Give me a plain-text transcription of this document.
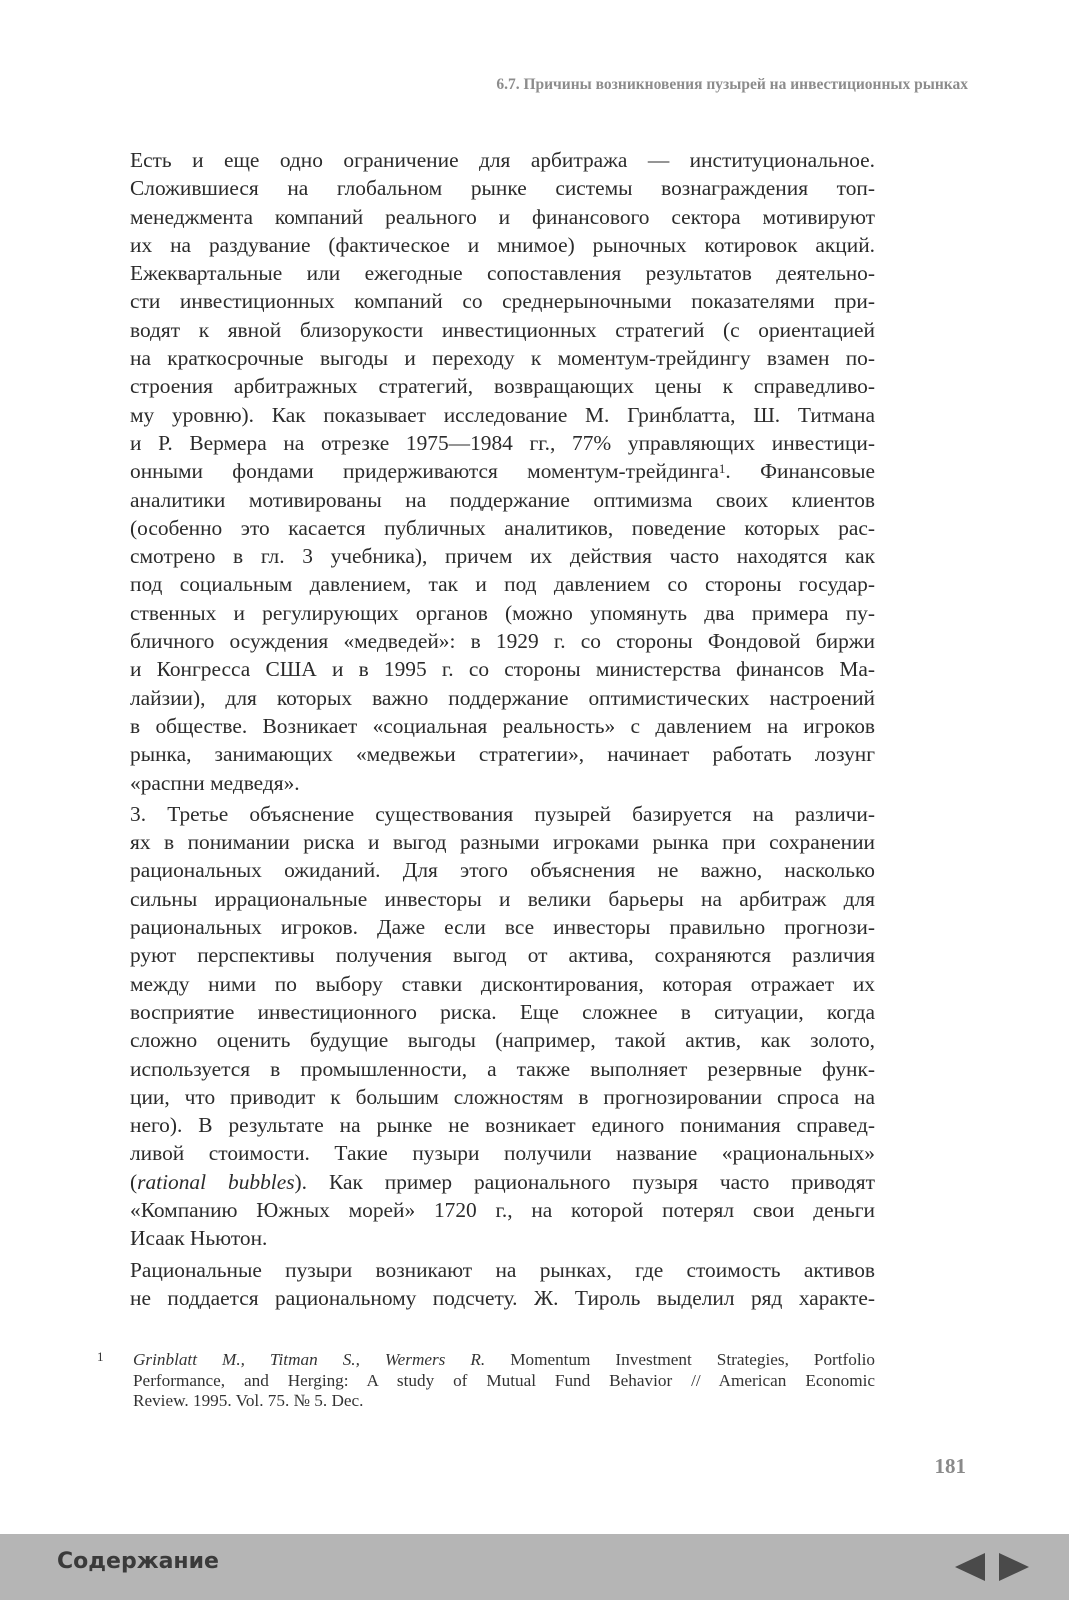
6.7. Причины возникновения пузырей на инвестиционных рынках

Есть и еще одно ограничение для арбитража — институциональное.
Сложившиеся на глобальном рынке системы вознаграждения топ-
менеджмента компаний реального и финансового сектора мотивируют
их на раздувание (фактическое и мнимое) рыночных котировок акций.
Ежеквартальные или ежегодные сопоставления результатов деятельно-
сти инвестиционных компаний со среднерыночными показателями при-
водят к явной близорукости инвестиционных стратегий (с ориентацией
на краткосрочные выгоды и переходу к моментум-трейдингу взамен по-
строения арбитражных стратегий, возвращающих цены к справедливо-
му уровню). Как показывает исследование М. Гринблатта, Ш. Титмана
и Р. Вермера на отрезке 1975—1984 гг., 77% управляющих инвестици-
онными фондами придерживаются моментум-трейдинга$^1$. Финансовые
аналитики мотивированы на поддержание оптимизма своих клиентов
(особенно это касается публичных аналитиков, поведение которых рас-
смотрено в гл. 3 учебника), причем их действия часто находятся как
под социальным давлением, так и под давлением со стороны государ-
ственных и регулирующих органов (можно упомянуть два примера пу-
бличного осуждения «медведей»: в 1929 г. со стороны Фондовой биржи
и Конгресса США и в 1995 г. со стороны министерства финансов Ма-
лайзии), для которых важно поддержание оптимистических настроений
в обществе. Возникает «социальная реальность» с давлением на игроков
рынка, занимающих «медвежьи стратегии», начинает работать лозунг
«распни медведя».

3. Третье объяснение существования пузырей базируется на различи-
ях в понимании риска и выгод разными игроками рынка при сохранении
рациональных ожиданий. Для этого объяснения не важно, насколько
сильны иррациональные инвесторы и велики барьеры на арбитраж для
рациональных игроков. Даже если все инвесторы правильно прогнози-
руют перспективы получения выгод от актива, сохраняются различия
между ними по выбору ставки дисконтирования, которая отражает их
восприятие инвестиционного риска. Еще сложнее в ситуации, когда
сложно оценить будущие выгоды (например, такой актив, как золото,
используется в промышленности, а также выполняет резервные функ-
ции, что приводит к большим сложностям в прогнозировании спроса на
него). В результате на рынке не возникает единого понимания справед-
ливой стоимости. Такие пузыри получили название «рациональных»
(rational bubbles). Как пример рационального пузыря часто приводят
«Компанию Южных морей» 1720 г., на которой потерял свои деньги
Исаак Ньютон.

Рациональные пузыри возникают на рынках, где стоимость активов
не поддается рациональному подсчету. Ж. Тироль выделил ряд характе-

1 Grinblatt M., Titman S., Wermers R. Momentum Investment Strategies, Portfolio
Performance, and Herging: A study of Mutual Fund Behavior // American Economic
Review. 1995. Vol. 75. № 5. Dec.
181
Содержание
